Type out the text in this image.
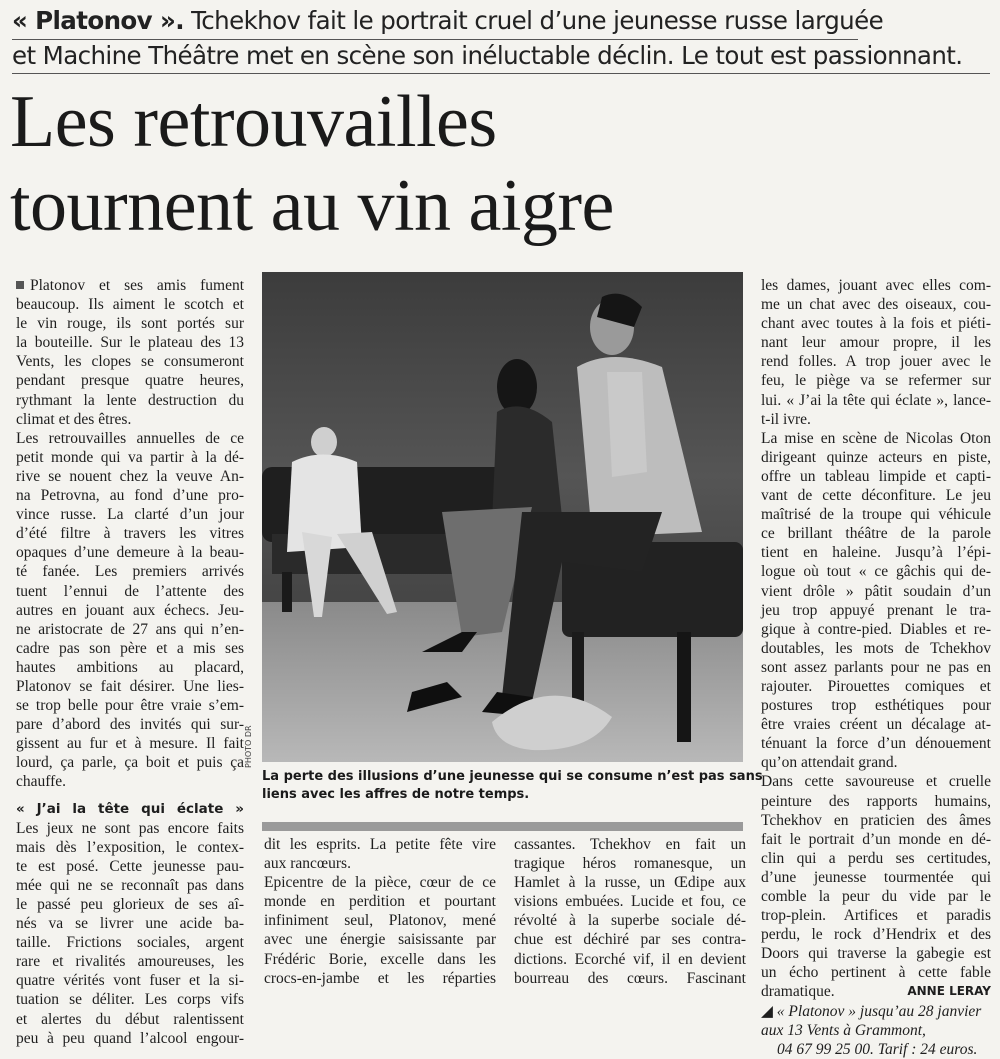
« Platonov ». Tchekhov fait le portrait cruel d’une jeunesse russe larguée
et Machine Théâtre met en scène son inéluctable déclin. Le tout est passionnant.
Les retrouvailles
tournent au vin aigre
Platonov et ses amis fument
beaucoup. Ils aiment le scotch et
le vin rouge, ils sont portés sur
la bouteille. Sur le plateau des 13
Vents, les clopes se consumeront
pendant presque quatre heures,
rythmant la lente destruction du
climat et des êtres.
Les retrouvailles annuelles de ce
petit monde qui va partir à la dé-
rive se nouent chez la veuve An-
na Petrovna, au fond d’une pro-
vince russe. La clarté d’un jour
d’été filtre à travers les vitres
opaques d’une demeure à la beau-
té fanée. Les premiers arrivés
tuent l’ennui de l’attente des
autres en jouant aux échecs. Jeu-
ne aristocrate de 27 ans qui n’en-
cadre pas son père et a mis ses
hautes ambitions au placard,
Platonov se fait désirer. Une lies-
se trop belle pour être vraie s’em-
pare d’abord des invités qui sur-
gissent au fur et à mesure. Il fait
lourd, ça parle, ça boit et puis ça
chauffe.
« J’ai la tête qui éclate »
Les jeux ne sont pas encore faits
mais dès l’exposition, le contex-
te est posé. Cette jeunesse pau-
mée qui ne se reconnaît pas dans
le passé peu glorieux de ses aî-
nés va se livrer une acide ba-
taille. Frictions sociales, argent
rare et rivalités amoureuses, les
quatre vérités vont fuser et la si-
tuation se déliter. Les corps vifs
et alertes du début ralentissent
peu à peu quand l’alcool engour-
PHOTO DR
La perte des illusions d’une jeunesse qui se consume n’est pas sans
liens avec les affres de notre temps.
dit les esprits. La petite fête vire
aux rancœurs.
Epicentre de la pièce, cœur de ce
monde en perdition et pourtant
infiniment seul, Platonov, mené
avec une énergie saisissante par
Frédéric Borie, excelle dans les
crocs-en-jambe et les réparties
cassantes. Tchekhov en fait un
tragique héros romanesque, un
Hamlet à la russe, un Œdipe aux
visions embuées. Lucide et fou, ce
révolté à la superbe sociale dé-
chue est déchiré par ses contra-
dictions. Ecorché vif, il en devient
bourreau des cœurs. Fascinant
les dames, jouant avec elles com-
me un chat avec des oiseaux, cou-
chant avec toutes à la fois et piéti-
nant leur amour propre, il les
rend folles. A trop jouer avec le
feu, le piège va se refermer sur
lui. « J’ai la tête qui éclate », lance-
t-il ivre.
La mise en scène de Nicolas Oton
dirigeant quinze acteurs en piste,
offre un tableau limpide et capti-
vant de cette déconfiture. Le jeu
maîtrisé de la troupe qui véhicule
ce brillant théâtre de la parole
tient en haleine. Jusqu’à l’épi-
logue où tout « ce gâchis qui de-
vient drôle » pâtit soudain d’un
jeu trop appuyé prenant le tra-
gique à contre-pied. Diables et re-
doutables, les mots de Tchekhov
sont assez parlants pour ne pas en
rajouter. Pirouettes comiques et
postures trop esthétiques pour
être vraies créent un décalage at-
ténuant la force d’un dénouement
qu’on attendait grand.
Dans cette savoureuse et cruelle
peinture des rapports humains,
Tchekhov en praticien des âmes
fait le portrait d’un monde en dé-
clin qui a perdu ses certitudes,
d’une jeunesse tourmentée qui
comble la peur du vide par le
trop-plein. Artifices et paradis
perdu, le rock d’Hendrix et des
Doors qui traverse la gabegie est
un écho pertinent à cette fable
dramatique.	ANNE LERAY
◢ « Platonov » jusqu’au 28 janvier
aux 13 Vents à Grammont,
04 67 99 25 00. Tarif : 24 euros.
